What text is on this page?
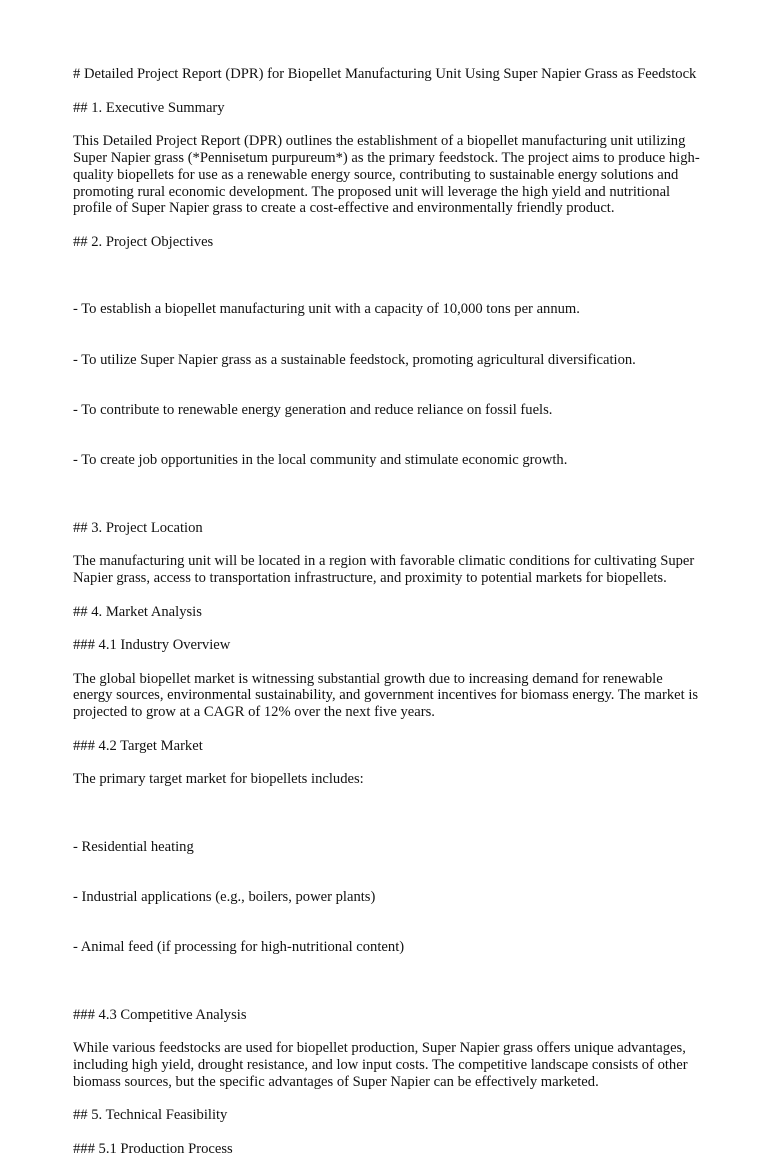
# Detailed Project Report (DPR) for Biopellet Manufacturing Unit Using Super Napier Grass as Feedstock
## 1. Executive Summary
This Detailed Project Report (DPR) outlines the establishment of a biopellet manufacturing unit utilizing Super Napier grass (*Pennisetum purpureum*) as the primary feedstock. The project aims to produce high-quality biopellets for use as a renewable energy source, contributing to sustainable energy solutions and promoting rural economic development. The proposed unit will leverage the high yield and nutritional profile of Super Napier grass to create a cost-effective and environmentally friendly product.
## 2. Project Objectives

- To establish a biopellet manufacturing unit with a capacity of 10,000 tons per annum.

- To utilize Super Napier grass as a sustainable feedstock, promoting agricultural diversification.

- To contribute to renewable energy generation and reduce reliance on fossil fuels.

- To create job opportunities in the local community and stimulate economic growth.

## 3. Project Location
The manufacturing unit will be located in a region with favorable climatic conditions for cultivating Super Napier grass, access to transportation infrastructure, and proximity to potential markets for biopellets.
## 4. Market Analysis
### 4.1 Industry Overview
The global biopellet market is witnessing substantial growth due to increasing demand for renewable energy sources, environmental sustainability, and government incentives for biomass energy. The market is projected to grow at a CAGR of 12% over the next five years.
### 4.2 Target Market
The primary target market for biopellets includes:

- Residential heating

- Industrial applications (e.g., boilers, power plants)

- Animal feed (if processing for high-nutritional content)

### 4.3 Competitive Analysis
While various feedstocks are used for biopellet production, Super Napier grass offers unique advantages, including high yield, drought resistance, and low input costs. The competitive landscape consists of other biomass sources, but the specific advantages of Super Napier can be effectively marketed.
## 5. Technical Feasibility
### 5.1 Production Process
